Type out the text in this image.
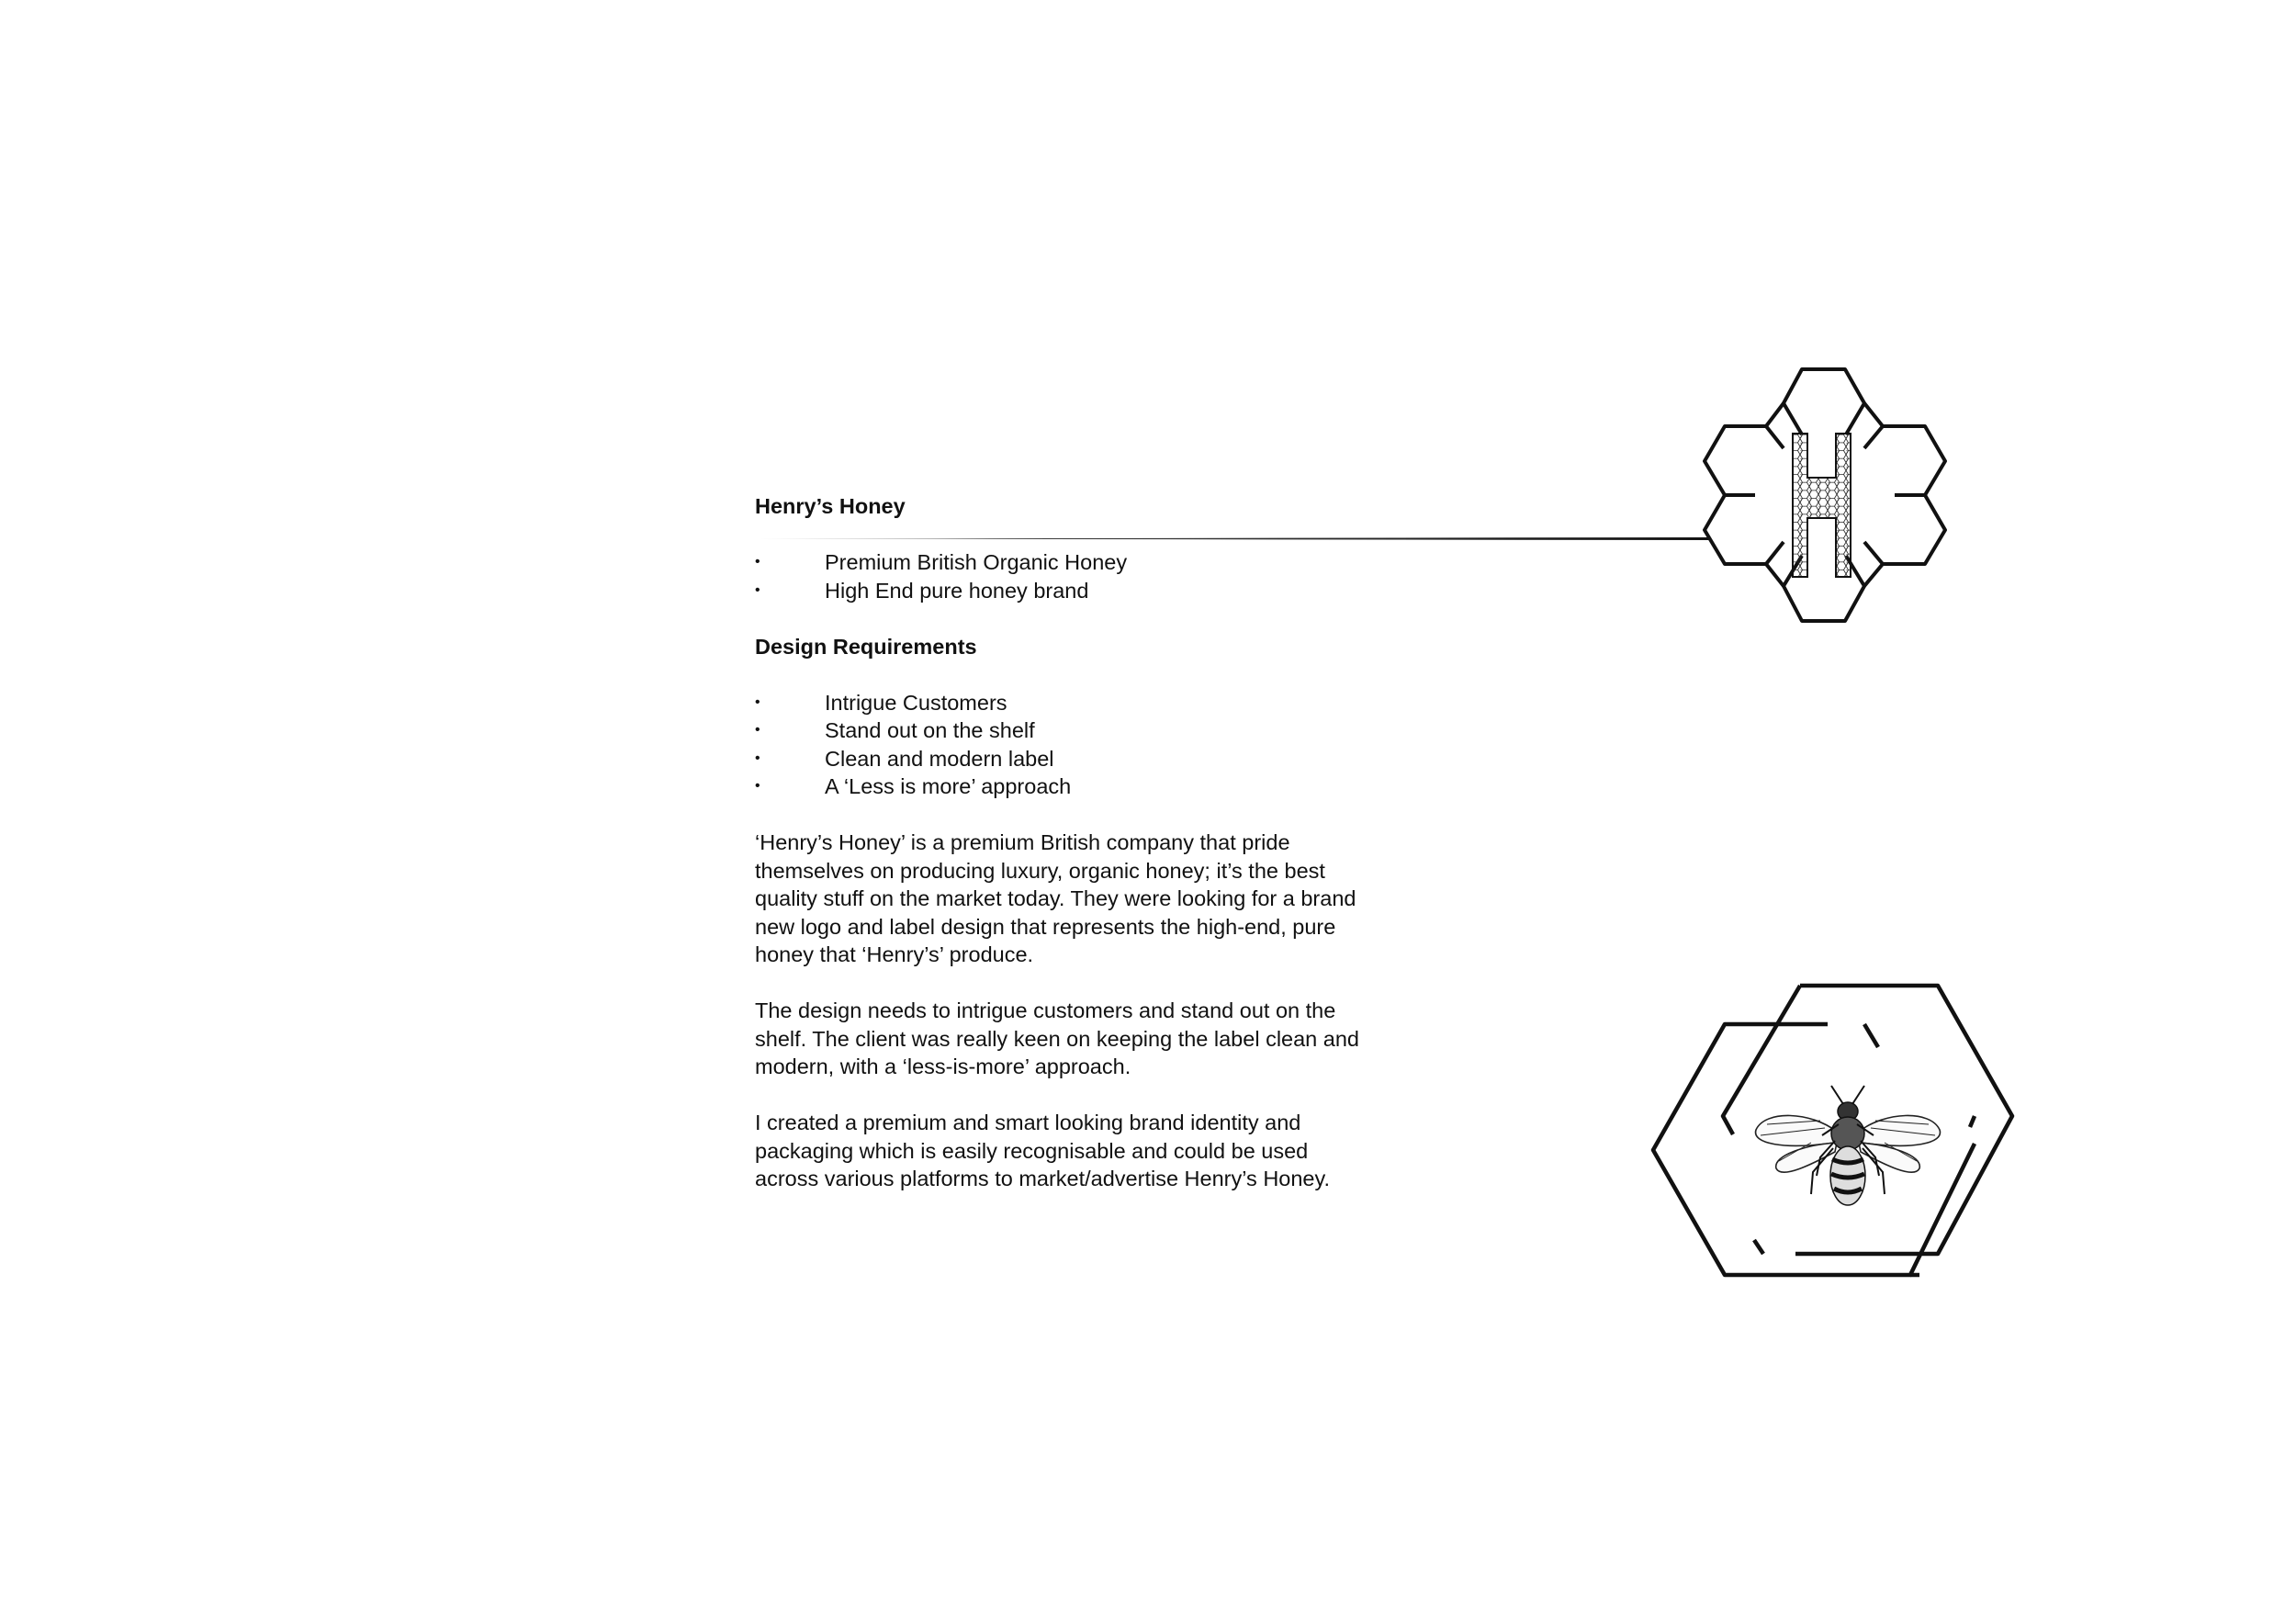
Henry’s Honey

•	Premium British Organic Honey
•	High End pure honey brand

Design Requirements

•	Intrigue Customers
•	Stand out on the shelf
•	Clean and modern label
•	A ‘Less is more’ approach

‘Henry’s Honey’ is a premium British company that pride
themselves on producing luxury, organic honey; it’s the best
quality stuff on the market today. They were looking for a brand
new logo and label design that represents the high-end, pure
honey that ‘Henry’s’ produce.

The design needs to intrigue customers and stand out on the
shelf. The client was really keen on keeping the label clean and
modern, with a ‘less-is-more’ approach.

I created a premium and smart looking brand identity and
packaging which is easily recognisable and could be used
across various platforms to market/advertise Henry’s Honey.
